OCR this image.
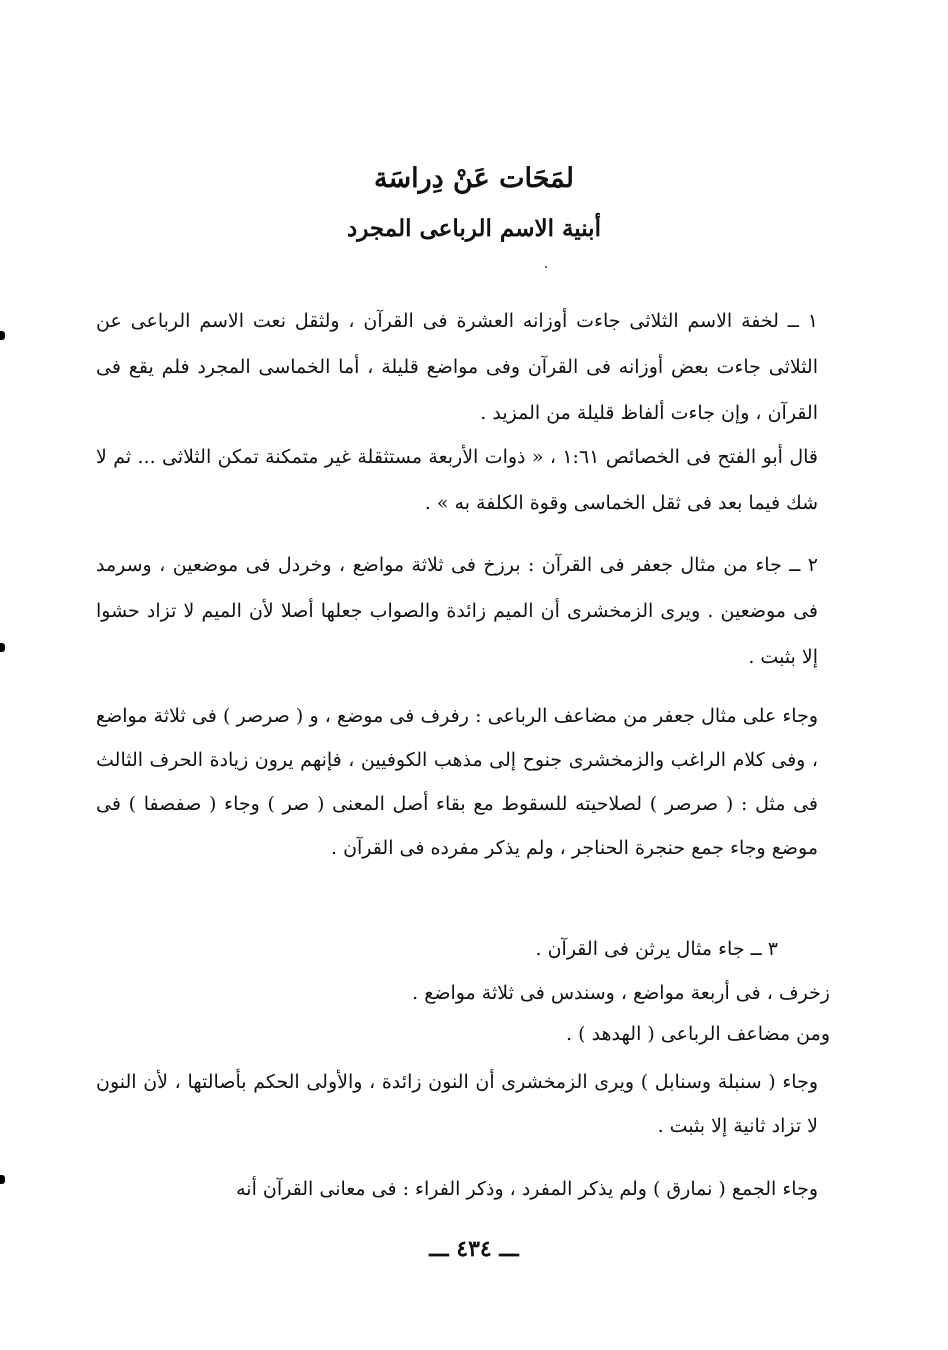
لمَحَات عَنْ دِراسَة
أبنية الاسم الرباعى المجرد
١ ــ لخفة الاسم الثلاثى جاءت أوزانه العشرة فى القرآن ، ولثقل نعت الاسم الرباعى عن الثلاثى جاءت بعض أوزانه فى القرآن وفى مواضع قليلة ، أما الخماسى المجرد فلم يقع فى القرآن ، وإن جاءت ألفاظ قليلة من المزيد .
قال أبو الفتح فى الخصائص ١:٦١ ، « ذوات الأربعة مستثقلة غير متمكنة تمكن الثلاثى ... ثم لا شك فيما بعد فى ثقل الخماسى وقوة الكلفة به » .
٢ ــ جاء من مثال جعفر فى القرآن : برزخ فى ثلاثة مواضع ، وخردل فى موضعين ، وسرمد فى موضعين . ويرى الزمخشرى أن الميم زائدة والصواب جعلها أصلا لأن الميم لا تزاد حشوا إلا بثبت .
وجاء على مثال جعفر من مضاعف الرباعى : رفرف فى موضع ، و ( صرصر ) فى ثلاثة مواضع ، وفى كلام الراغب والزمخشرى جنوح إلى مذهب الكوفيين ، فإنهم يرون زيادة الحرف الثالث فى مثل : ( صرصر ) لصلاحيته للسقوط مع بقاء أصل المعنى ( صر ) وجاء ( صفصفا ) فى موضع وجاء جمع حنجرة الحناجر ، ولم يذكر مفرده فى القرآن .
٣ ــ جاء مثال يرثن فى القرآن .
زخرف ، فى أربعة مواضع ، وسندس فى ثلاثة مواضع .
ومن مضاعف الرباعى ( الهدهد ) .
وجاء ( سنبلة وسنابل ) ويرى الزمخشرى أن النون زائدة ، والأولى الحكم بأصالتها ، لأن النون لا تزاد ثانية إلا بثبت .
وجاء الجمع ( نمارق ) ولم يذكر المفرد ، وذكر الفراء : فى معانى القرآن أنه
ـــ ٤٣٤ ـــ
